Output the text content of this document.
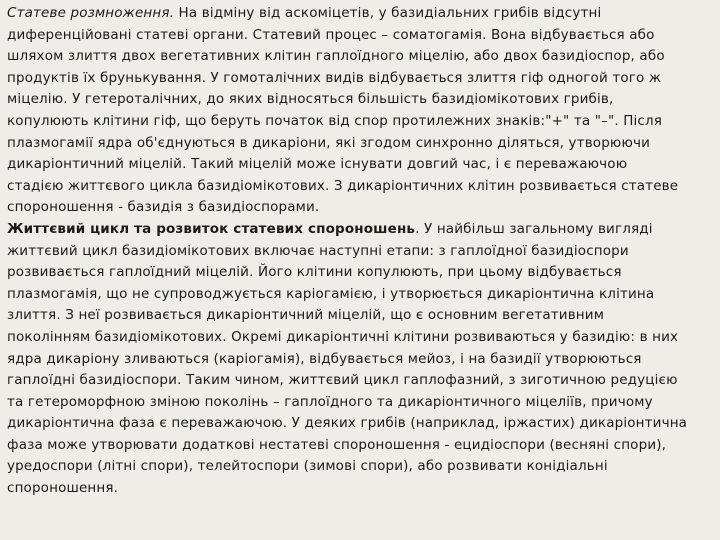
Статеве розмноження. На відміну від аскоміцетів, у базидіальних грибів відсутні
диференційовані статеві органи. Статевий процес – соматогамія. Вона відбувається або
шляхом злиття двох вегетативних клітин гаплоїдного міцелію, або двох базидіоспор, або
продуктів їх брунькування. У гомоталічних видів відбувається злиття гіф одногой того ж
міцелію. У гетероталічних, до яких відносяться більшість базидіомікотових грибів,
копулюють клітини гіф, що беруть початок від спор протилежних знаків:"+" та "–". Після
плазмогамії ядра об'єднуються в дикаріони, які згодом синхронно діляться, утворюючи
дикаріонтичний міцелій. Такий міцелій може існувати довгий час, і є переважаючою
стадією життєвого цикла базидіомікотових. З дикаріонтичних клітин розвивається статеве
спороношення - базидія з базидіоспорами.
Життєвий цикл та розвиток статевих спороношень. У найбільш загальному вигляді
життєвий цикл базидіомікотових включає наступні етапи: з гаплоїдної базидіоспори
розвивається гаплоїдний міцелій. Його клітини копулюють, при цьому відбувається
плазмогамія, що не супроводжується каріогамією, і утворюється дикаріонтична клітина
злиття. З неї розвивається дикаріонтичний міцелій, що є основним вегетативним
поколінням базидіомікотових. Окремі дикаріонтичні клітини розвиваються у базидію: в них
ядра дикаріону зливаються (каріогамія), відбувається мейоз, і на базидії утворюються
гаплоїдні базидіоспори. Таким чином, життєвий цикл гаплофазний, з зиготичною редуцією
та гетероморфною зміною поколінь – гаплоїдного та дикаріонтичного міцеліїв, причому
дикаріонтична фаза є переважаючою. У деяких грибів (наприклад, іржастих) дикаріонтична
фаза може утворювати додаткові нестатеві спороношення - ецидіоспори (весняні спори),
уредоспори (літні спори), телейтоспори (зимові спори), або розвивати конідіальні
спороношення.
